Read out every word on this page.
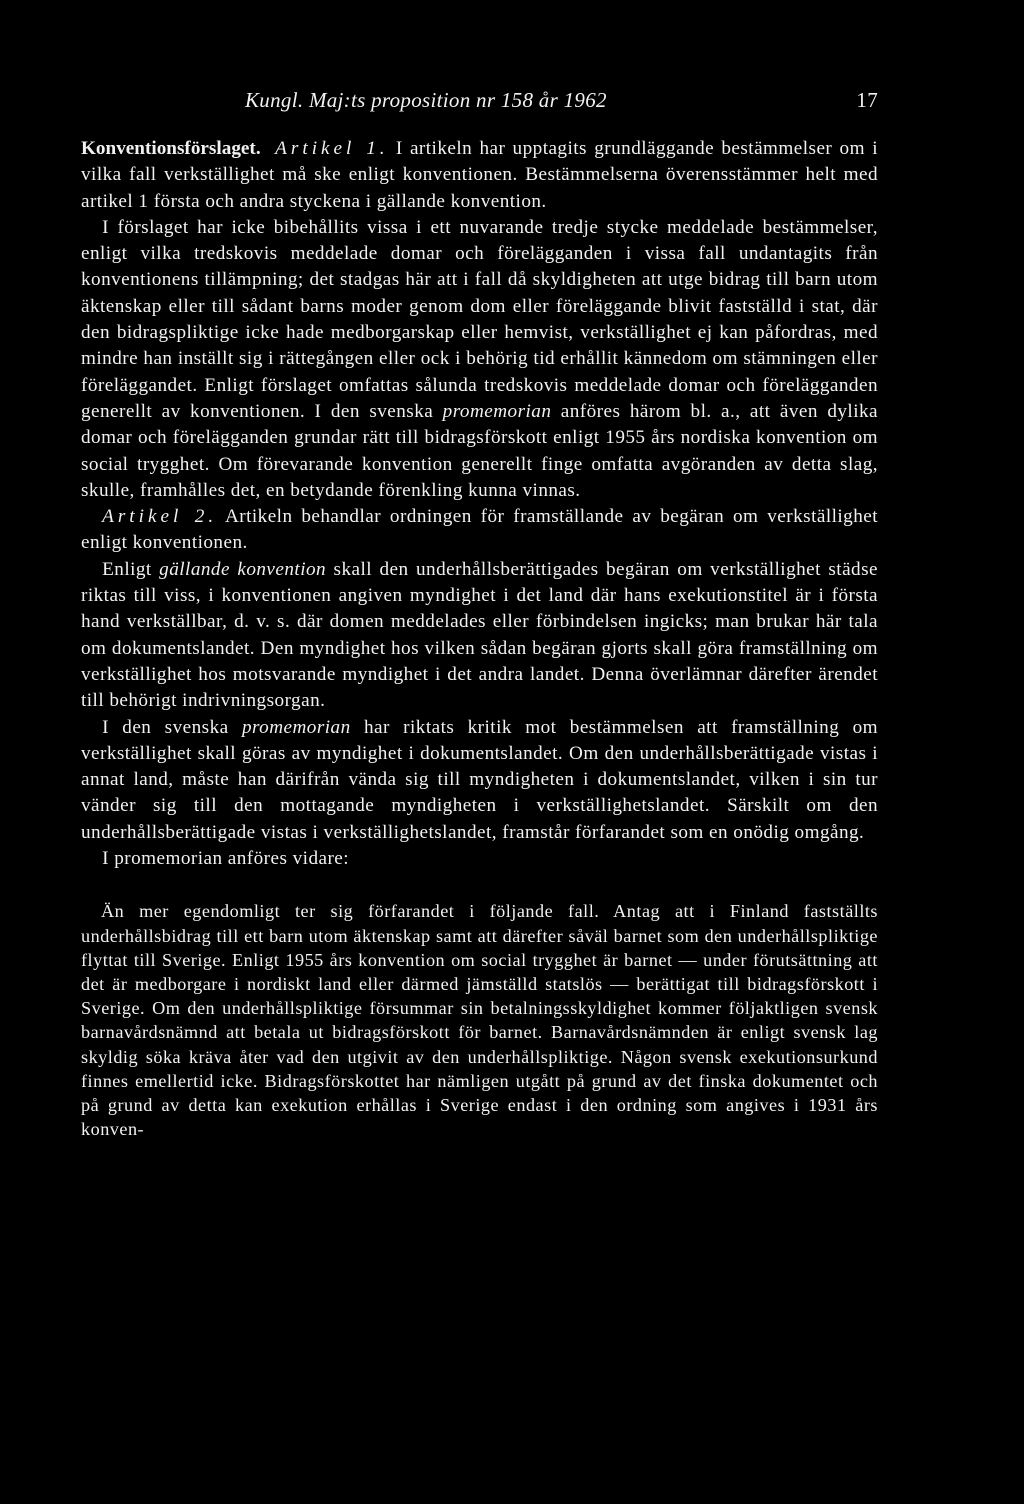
Kungl. Maj:ts proposition nr 158 år 1962	17

Konventionsförslaget. Artikel 1. I artikeln har upptagits grundläggande bestämmelser om i vilka fall verkställighet må ske enligt konventionen. Bestämmelserna överensstämmer helt med artikel 1 första och andra styckena i gällande konvention.

I förslaget har icke bibehållits vissa i ett nuvarande tredje stycke meddelade bestämmelser, enligt vilka tredskovis meddelade domar och förelägganden i vissa fall undantagits från konventionens tillämpning; det stadgas här att i fall då skyldigheten att utge bidrag till barn utom äktenskap eller till sådant barns moder genom dom eller föreläggande blivit fastställd i stat, där den bidragspliktige icke hade medborgarskap eller hemvist, verkställighet ej kan påfordras, med mindre han inställt sig i rättegången eller ock i behörig tid erhållit kännedom om stämningen eller föreläggandet. Enligt förslaget omfattas sålunda tredskovis meddelade domar och förelägganden generellt av konventionen. I den svenska promemorian anföres härom bl. a., att även dylika domar och förelägganden grundar rätt till bidragsförskott enligt 1955 års nordiska konvention om social trygghet. Om förevarande konvention generellt finge omfatta avgöranden av detta slag, skulle, framhålles det, en betydande förenkling kunna vinnas.

Artikel 2. Artikeln behandlar ordningen för framställande av begäran om verkställighet enligt konventionen.

Enligt gällande konvention skall den underhållsberättigades begäran om verkställighet städse riktas till viss, i konventionen angiven myndighet i det land där hans exekutionstitel är i första hand verkställbar, d. v. s. där domen meddelades eller förbindelsen ingicks; man brukar här tala om dokumentslandet. Den myndighet hos vilken sådan begäran gjorts skall göra framställning om verkställighet hos motsvarande myndighet i det andra landet. Denna överlämnar därefter ärendet till behörigt indrivningsorgan.

I den svenska promemorian har riktats kritik mot bestämmelsen att framställning om verkställighet skall göras av myndighet i dokumentslandet. Om den underhållsberättigade vistas i annat land, måste han därifrån vända sig till myndigheten i dokumentslandet, vilken i sin tur vänder sig till den mottagande myndigheten i verkställighetslandet. Särskilt om den underhållsberättigade vistas i verkställighetslandet, framstår förfarandet som en onödig omgång.

I promemorian anföres vidare:

Än mer egendomligt ter sig förfarandet i följande fall. Antag att i Finland fastställts underhållsbidrag till ett barn utom äktenskap samt att därefter såväl barnet som den underhållspliktige flyttat till Sverige. Enligt 1955 års konvention om social trygghet är barnet — under förutsättning att det är medborgare i nordiskt land eller därmed jämställd statslös — berättigat till bidragsförskott i Sverige. Om den underhållspliktige försummar sin betalningsskyldighet kommer följaktligen svensk barnavårdsnämnd att betala ut bidragsförskott för barnet. Barnavårdsnämnden är enligt svensk lag skyldig söka kräva åter vad den utgivit av den underhållspliktige. Någon svensk exekutionsurkund finnes emellertid icke. Bidragsförskottet har nämligen utgått på grund av det finska dokumentet och på grund av detta kan exekution erhållas i Sverige endast i den ordning som angives i 1931 års konven-
